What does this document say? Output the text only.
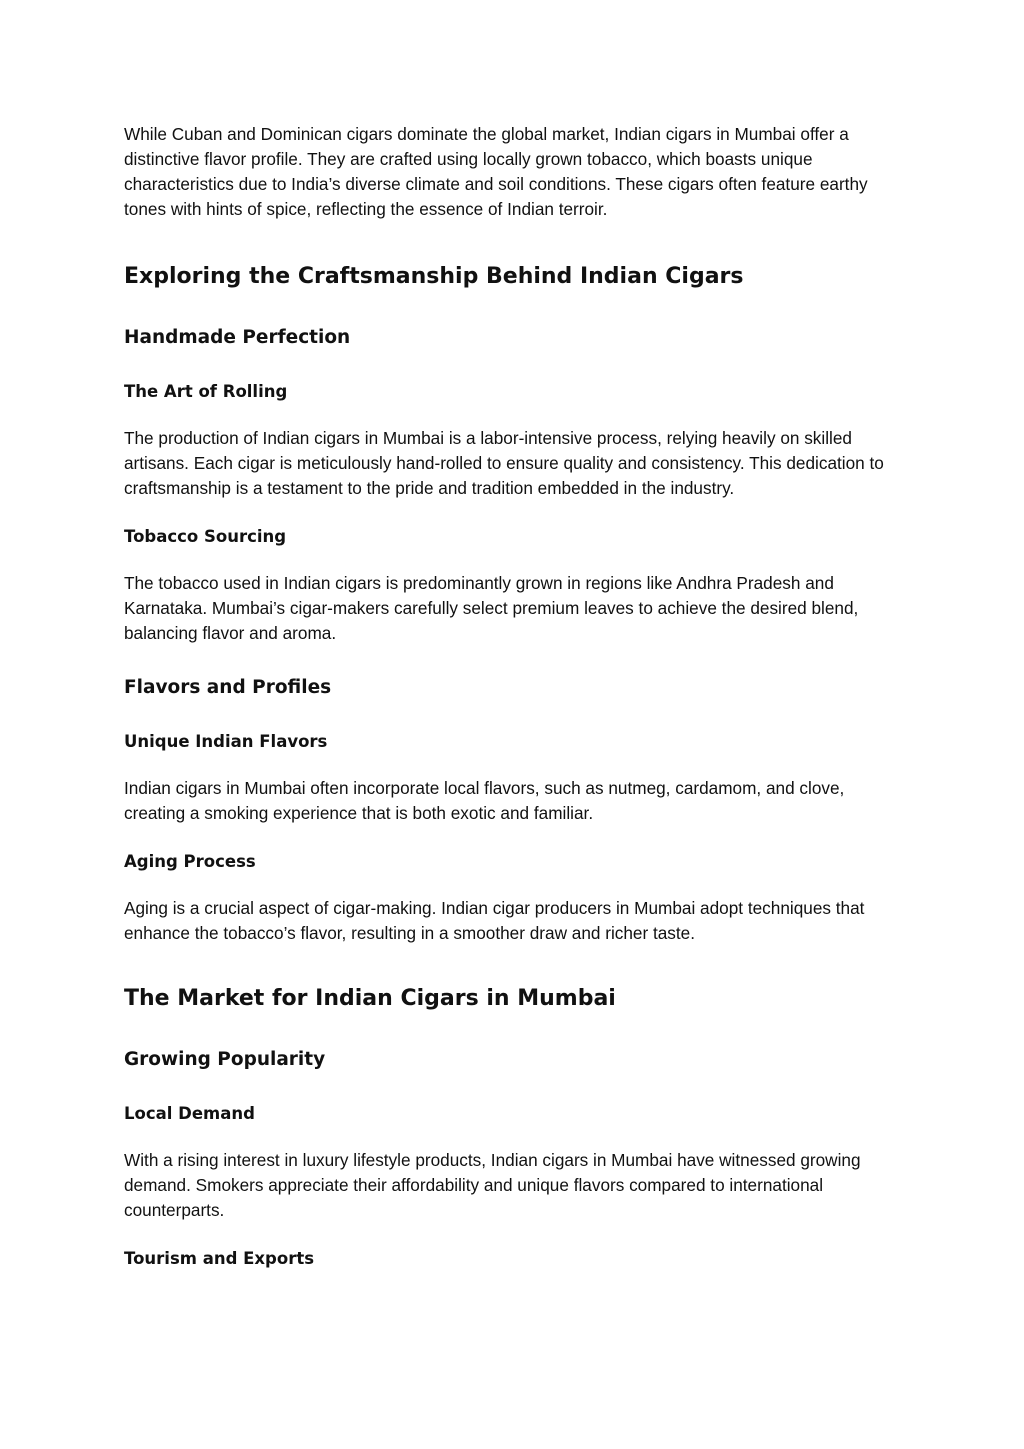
While Cuban and Dominican cigars dominate the global market, Indian cigars in Mumbai offer a distinctive flavor profile. They are crafted using locally grown tobacco, which boasts unique characteristics due to India’s diverse climate and soil conditions. These cigars often feature earthy tones with hints of spice, reflecting the essence of Indian terroir.

Exploring the Craftsmanship Behind Indian Cigars
Handmade Perfection
The Art of Rolling

The production of Indian cigars in Mumbai is a labor-intensive process, relying heavily on skilled artisans. Each cigar is meticulously hand-rolled to ensure quality and consistency. This dedication to craftsmanship is a testament to the pride and tradition embedded in the industry.

Tobacco Sourcing

The tobacco used in Indian cigars is predominantly grown in regions like Andhra Pradesh and Karnataka. Mumbai’s cigar-makers carefully select premium leaves to achieve the desired blend, balancing flavor and aroma.

Flavors and Profiles
Unique Indian Flavors

Indian cigars in Mumbai often incorporate local flavors, such as nutmeg, cardamom, and clove, creating a smoking experience that is both exotic and familiar.

Aging Process

Aging is a crucial aspect of cigar-making. Indian cigar producers in Mumbai adopt techniques that enhance the tobacco’s flavor, resulting in a smoother draw and richer taste.

The Market for Indian Cigars in Mumbai
Growing Popularity
Local Demand

With a rising interest in luxury lifestyle products, Indian cigars in Mumbai have witnessed growing demand. Smokers appreciate their affordability and unique flavors compared to international counterparts.

Tourism and Exports
